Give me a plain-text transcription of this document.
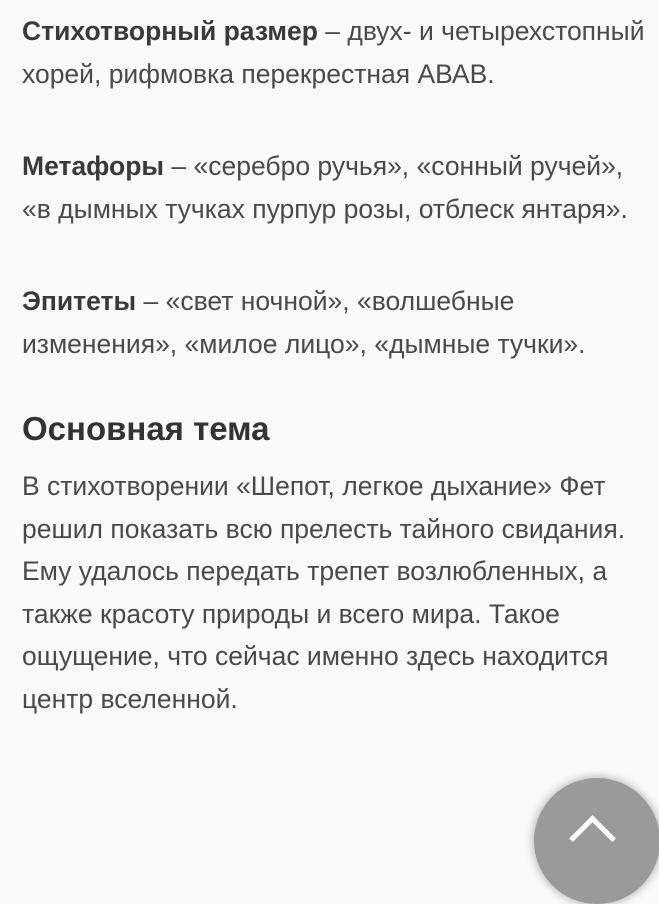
Стихотворный размер – двух- и четырехстопный хорей, рифмовка перекрестная АВАВ.

Метафоры – «серебро ручья», «сонный ручей», «в дымных тучках пурпур розы, отблеск янтаря».

Эпитеты – «свет ночной», «волшебные изменения», «милое лицо», «дымные тучки».

Основная тема

В стихотворении «Шепот, легкое дыхание» Фет решил показать всю прелесть тайного свидания. Ему удалось передать трепет возлюбленных, а также красоту природы и всего мира. Такое ощущение, что сейчас именно здесь находится центр вселенной.
